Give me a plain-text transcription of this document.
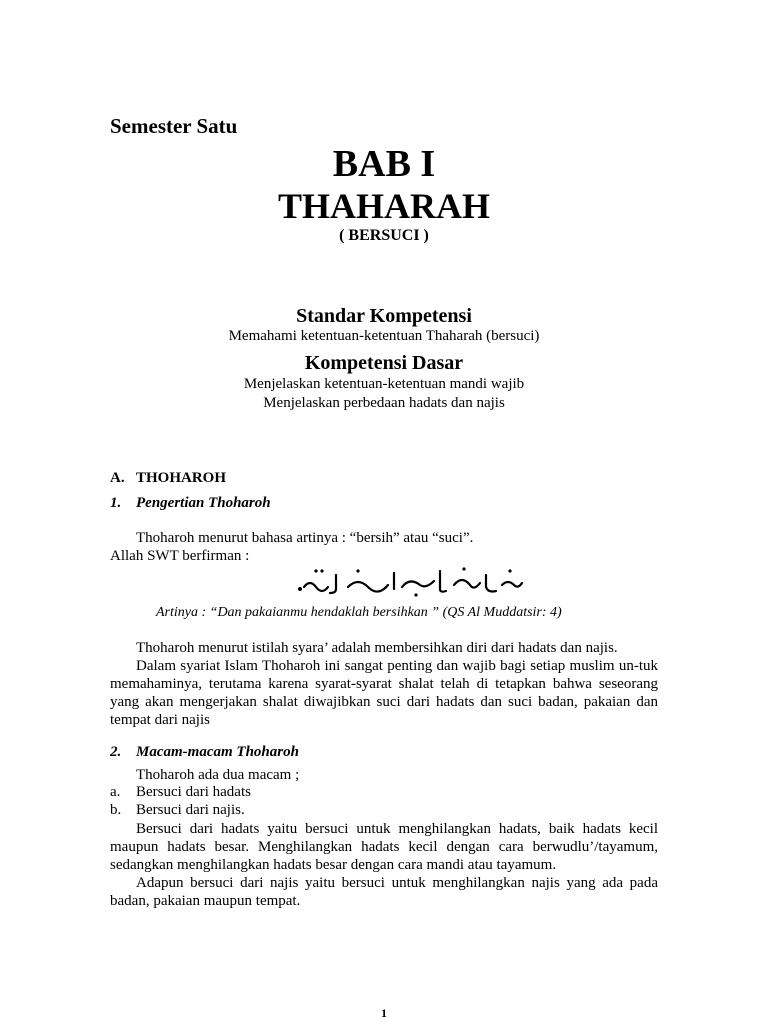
Semester Satu
BAB I
THAHARAH
( BERSUCI )
Standar Kompetensi
Memahami ketentuan-ketentuan Thaharah (bersuci)
Kompetensi Dasar
Menjelaskan ketentuan-ketentuan mandi wajib
Menjelaskan perbedaan hadats dan najis
A. THOHAROH
1. Pengertian Thoharoh
Thoharoh menurut bahasa artinya : “bersih” atau “suci”.
Allah SWT berfirman :
Artinya : “Dan pakaianmu hendaklah bersihkan ” (QS Al Muddatsir: 4)
Thoharoh menurut istilah syara’ adalah membersihkan diri dari hadats dan najis.
Dalam syariat Islam Thoharoh ini sangat penting dan wajib bagi setiap muslim un-tuk memahaminya, terutama karena syarat-syarat shalat telah di tetapkan bahwa seseorang yang akan mengerjakan shalat diwajibkan suci dari hadats dan suci badan, pakaian dan tempat dari najis
2. Macam-macam Thoharoh
Thoharoh ada dua macam ;
a. Bersuci dari hadats
b. Bersuci dari najis.
Bersuci dari hadats yaitu bersuci untuk menghilangkan hadats, baik hadats kecil maupun hadats besar. Menghilangkan hadats kecil dengan cara berwudlu’/tayamum, sedangkan menghilangkan hadats besar dengan cara mandi atau tayamum.
Adapun bersuci dari najis yaitu bersuci untuk menghilangkan najis yang ada pada badan, pakaian maupun tempat.
1
